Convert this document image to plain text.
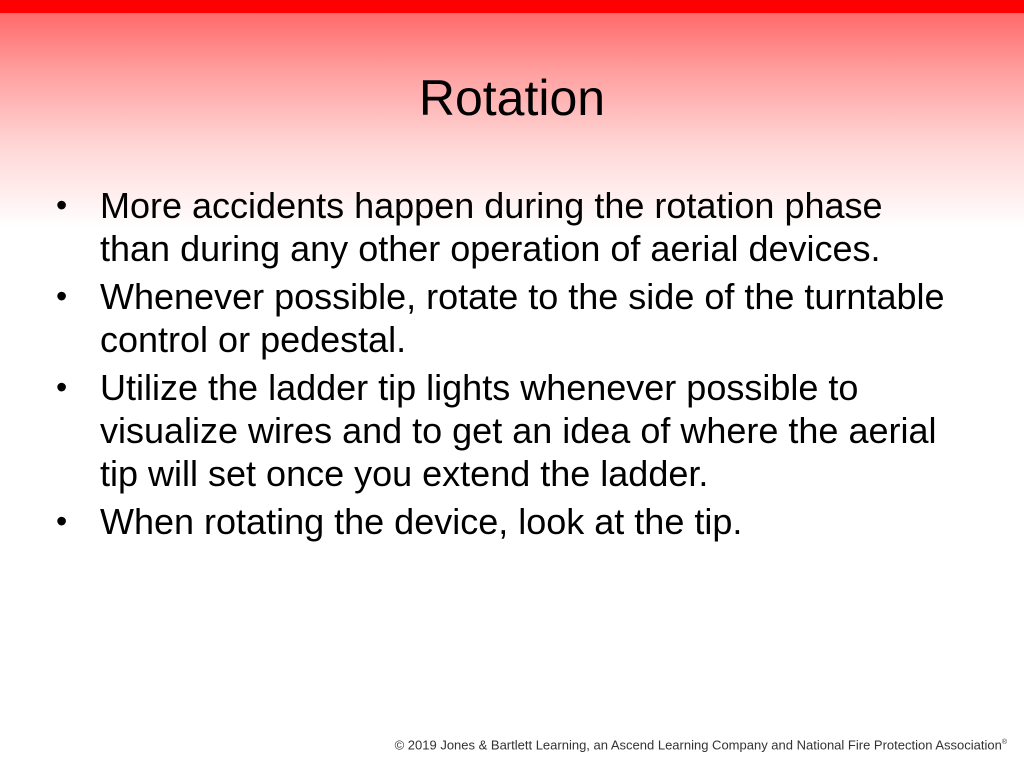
Rotation
• More accidents happen during the rotation phase than during any other operation of aerial devices.
• Whenever possible, rotate to the side of the turntable control or pedestal.
• Utilize the ladder tip lights whenever possible to visualize wires and to get an idea of where the aerial tip will set once you extend the ladder.
• When rotating the device, look at the tip.
© 2019 Jones & Bartlett Learning, an Ascend Learning Company and National Fire Protection Association®
